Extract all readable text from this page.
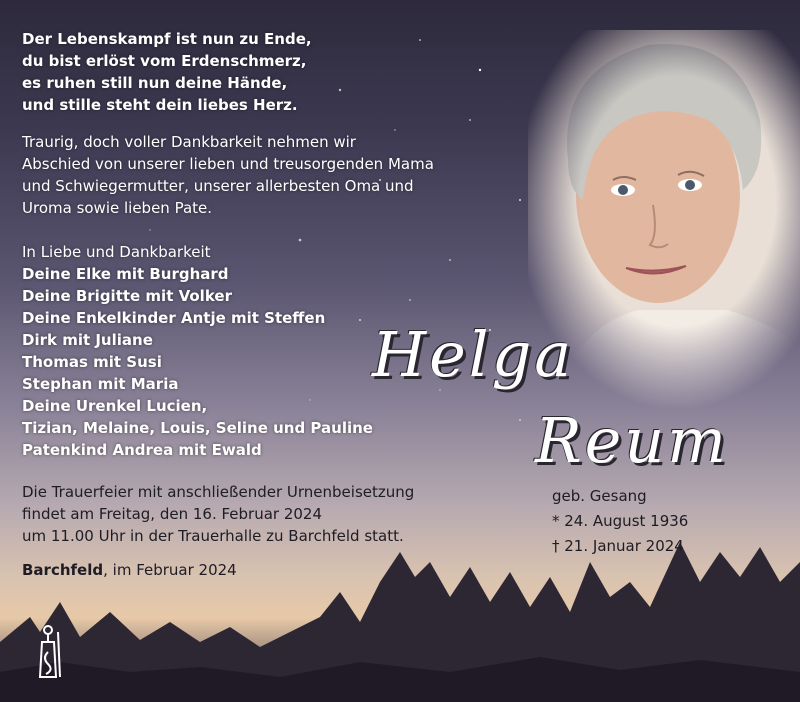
Der Lebenskampf ist nun zu Ende,
du bist erlöst vom Erdenschmerz,
es ruhen still nun deine Hände,
und stille steht dein liebes Herz.
Traurig, doch voller Dankbarkeit nehmen wir
Abschied von unserer lieben und treusorgenden Mama
und Schwiegermutter, unserer allerbesten Oma und
Uroma sowie lieben Pate.
In Liebe und Dankbarkeit
Deine Elke mit Burghard
Deine Brigitte mit Volker
Deine Enkelkinder Antje mit Steffen
Dirk mit Juliane
Thomas mit Susi
Stephan mit Maria
Deine Urenkel Lucien,
Tizian, Melaine, Louis, Seline und Pauline
Patenkind Andrea mit Ewald
Die Trauerfeier mit anschließender Urnenbeisetzung
findet am Freitag, den 16. Februar 2024
um 11.00 Uhr in der Trauerhalle zu Barchfeld statt.
Barchfeld, im Februar 2024
Helga
Reum
geb. Gesang
* 24. August 1936
† 21. Januar 2024
